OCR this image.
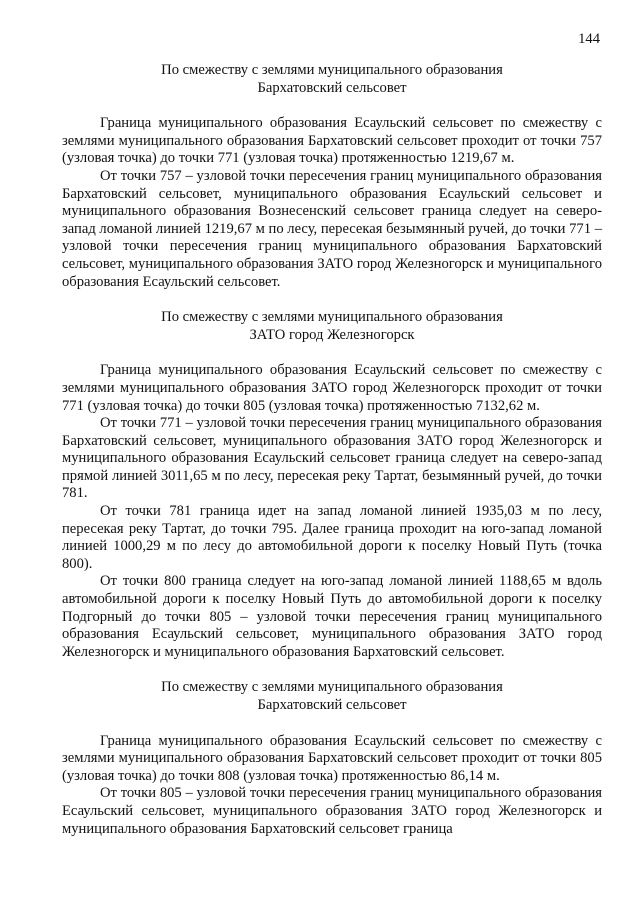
144
По смежеству с землями муниципального образования
Бархатовский сельсовет

Граница муниципального образования Есаульский сельсовет по смежеству с землями муниципального образования Бархатовский сельсовет проходит от точки 757 (узловая точка) до точки 771 (узловая точка) протяженностью 1219,67 м.

От точки 757 – узловой точки пересечения границ муниципального образования Бархатовский сельсовет, муниципального образования Есаульский сельсовет и муниципального образования Вознесенский сельсовет граница следует на северо-запад ломаной линией 1219,67 м по лесу, пересекая безымянный ручей, до точки 771 – узловой точки пересечения границ муниципального образования Бархатовский сельсовет, муниципального образования ЗАТО город Железногорск и муниципального образования Есаульский сельсовет.

По смежеству с землями муниципального образования
ЗАТО город Железногорск

Граница муниципального образования Есаульский сельсовет по смежеству с землями муниципального образования ЗАТО город Железногорск проходит от точки 771 (узловая точка) до точки 805 (узловая точка) протяженностью 7132,62 м.

От точки 771 – узловой точки пересечения границ муниципального образования Бархатовский сельсовет, муниципального образования ЗАТО город Железногорск и муниципального образования Есаульский сельсовет граница следует на северо-запад прямой линией 3011,65 м по лесу, пересекая реку Тартат, безымянный ручей, до точки 781.

От точки 781 граница идет на запад ломаной линией 1935,03 м по лесу, пересекая реку Тартат, до точки 795. Далее граница проходит на юго-запад ломаной линией 1000,29 м по лесу до автомобильной дороги к поселку Новый Путь (точка 800).

От точки 800 граница следует на юго-запад ломаной линией 1188,65 м вдоль автомобильной дороги к поселку Новый Путь до автомобильной дороги к поселку Подгорный до точки 805 – узловой точки пересечения границ муниципального образования Есаульский сельсовет, муниципального образования ЗАТО город Железногорск и муниципального образования Бархатовский сельсовет.

По смежеству с землями муниципального образования
Бархатовский сельсовет

Граница муниципального образования Есаульский сельсовет по смежеству с землями муниципального образования Бархатовский сельсовет проходит от точки 805 (узловая точка) до точки 808 (узловая точка) протяженностью 86,14 м.

От точки 805 – узловой точки пересечения границ муниципального образования Есаульский сельсовет, муниципального образования ЗАТО город Железногорск и муниципального образования Бархатовский сельсовет граница
